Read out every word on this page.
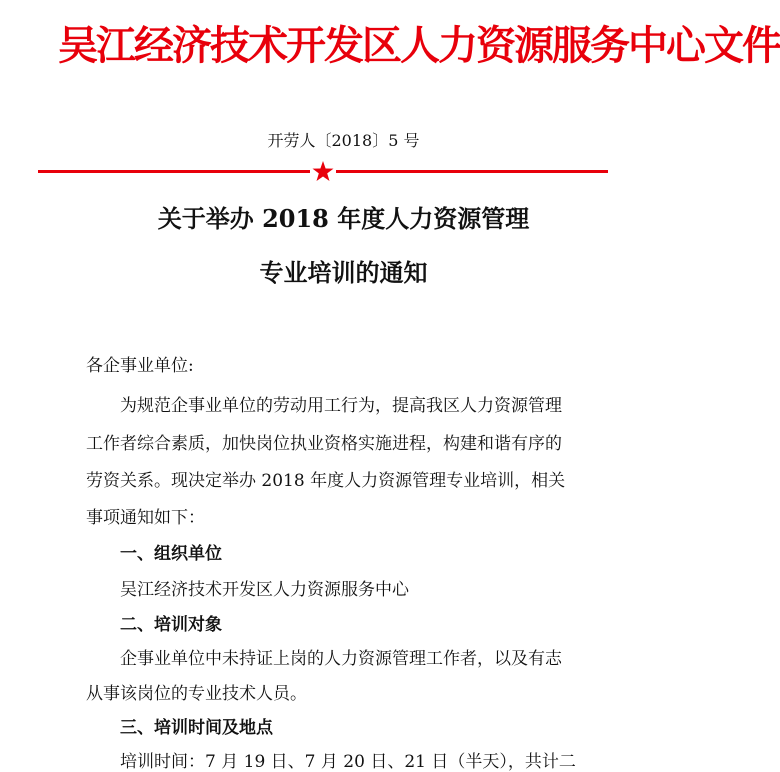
吴江经济技术开发区人力资源服务中心文件
开劳人〔2018〕5 号
关于举办 2018 年度人力资源管理
专业培训的通知
各企事业单位:
为规范企事业单位的劳动用工行为，提高我区人力资源管理
工作者综合素质，加快岗位执业资格实施进程，构建和谐有序的
劳资关系。现决定举办 2018 年度人力资源管理专业培训，相关
事项通知如下：
一、组织单位
吴江经济技术开发区人力资源服务中心
二、培训对象
企事业单位中未持证上岗的人力资源管理工作者，以及有志
从事该岗位的专业技术人员。
三、培训时间及地点
培训时间：7 月 19 日、7 月 20 日、21 日（半天），共计二
